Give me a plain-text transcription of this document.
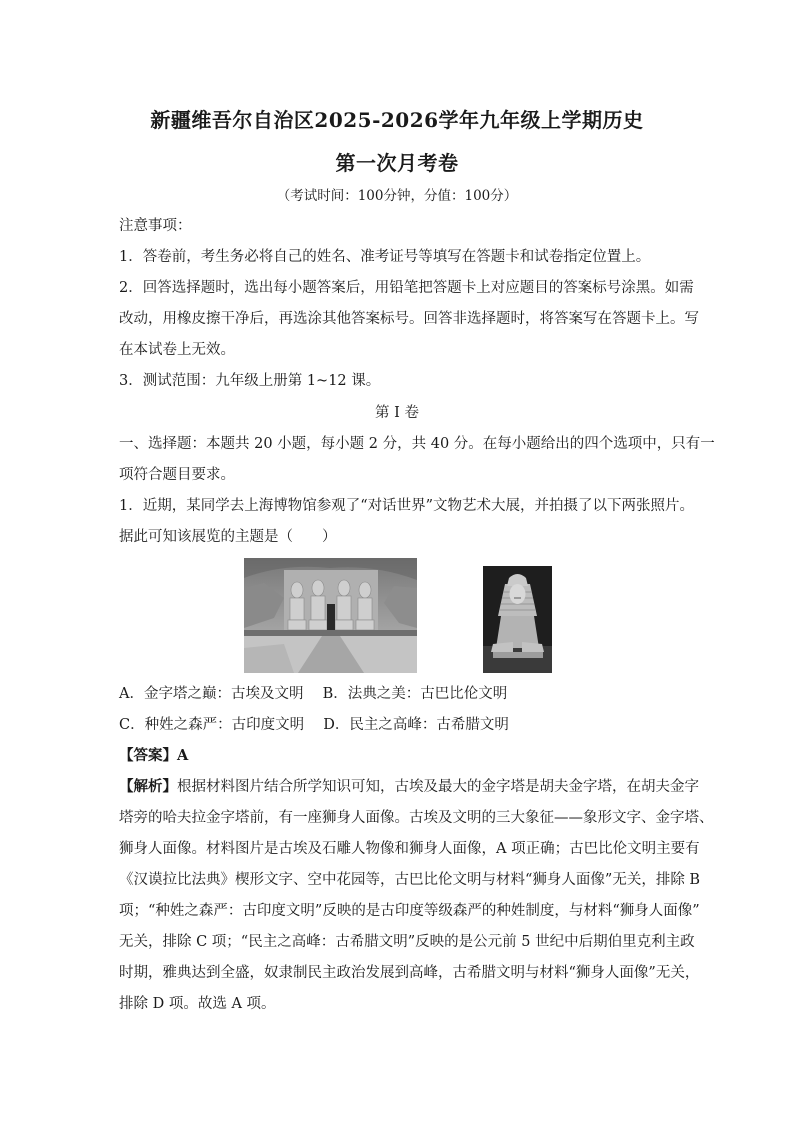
新疆维吾尔自治区2025-2026学年九年级上学期历史
第一次月考卷
（考试时间：100分钟，分值：100分）
注意事项：
1．答卷前，考生务必将自己的姓名、准考证号等填写在答题卡和试卷指定位置上。
2．回答选择题时，选出每小题答案后，用铅笔把答题卡上对应题目的答案标号涂黑。如需
改动，用橡皮擦干净后，再选涂其他答案标号。回答非选择题时，将答案写在答题卡上。写
在本试卷上无效。
3．测试范围：九年级上册第 1~12 课。
第 I 卷
一、选择题：本题共 20 小题，每小题 2 分，共 40 分。在每小题给出的四个选项中，只有一
项符合题目要求。
1．近期，某同学去上海博物馆参观了“对话世界”文物艺术大展，并拍摄了以下两张照片。
据此可知该展览的主题是（　　）
A．金字塔之巅：古埃及文明　 B．法典之美：古巴比伦文明
C．种姓之森严：古印度文明　 D．民主之高峰：古希腊文明
【答案】A
【解析】根据材料图片结合所学知识可知，古埃及最大的金字塔是胡夫金字塔，在胡夫金字
塔旁的哈夫拉金字塔前，有一座狮身人面像。古埃及文明的三大象征——象形文字、金字塔、
狮身人面像。材料图片是古埃及石雕人物像和狮身人面像，A 项正确；古巴比伦文明主要有
《汉谟拉比法典》楔形文字、空中花园等，古巴比伦文明与材料“狮身人面像”无关，排除 B
项；“种姓之森严：古印度文明”反映的是古印度等级森严的种姓制度，与材料“狮身人面像”
无关，排除 C 项；“民主之高峰：古希腊文明”反映的是公元前 5 世纪中后期伯里克利主政
时期，雅典达到全盛，奴隶制民主政治发展到高峰，古希腊文明与材料“狮身人面像”无关，
排除 D 项。故选 A 项。
